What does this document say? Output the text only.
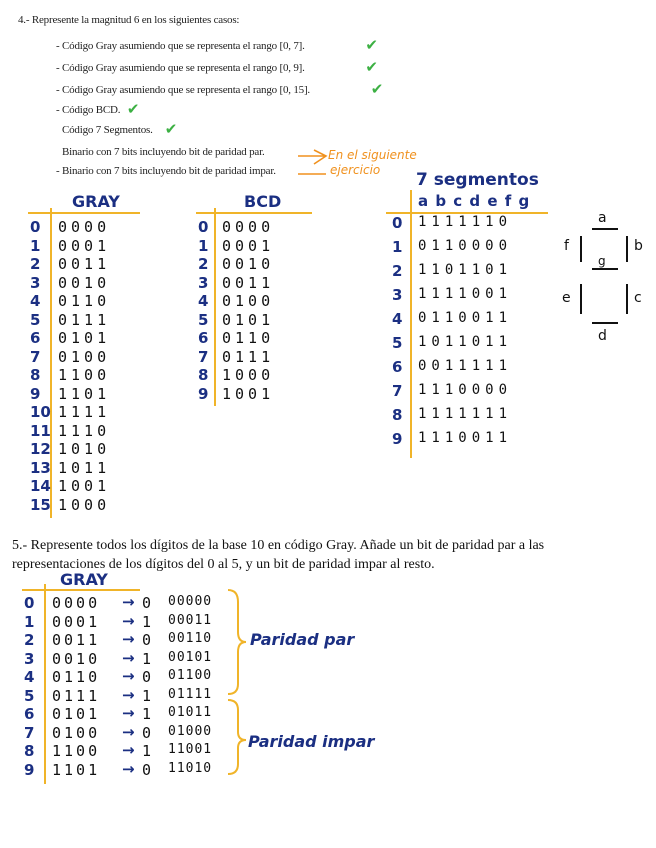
4.- Represente la magnitud 6 en los siguientes casos:
- Código Gray asumiendo que se representa el rango [0, 7].	✔
- Código Gray asumiendo que se representa el rango [0, 9].	✔
- Código Gray asumiendo que se representa el rango [0, 15].	✔
- Código BCD. ✔
Código 7 Segmentos. ✔
Binario con 7 bits incluyendo bit de paridad par.
- Binario con 7 bits incluyendo bit de paridad impar.
En el siguiente
ejercicio
GRAY
0 0000
1 0001
2 0011
3 0010
4 0110
5 0111
6 0101
7 0100
8 1100
9 1101
10 1111
11 1110
12 1010
13 1011
14 1001
15 1000
BCD
0 0000
1 0001
2 0010
3 0011
4 0100
5 0101
6 0110
7 0111
8 1000
9 1001
7 segmentos
a b c d e f g
0 1111110
1 0110000
2 1101101
3 1111001
4 0110011
5 1011011
6 0011111
7 1110000
8 1111111
9 1110011
a
b
c
d
e
f
g
5.- Represente todos los dígitos de la base 10 en código Gray. Añade un bit de paridad par a las representaciones de los dígitos del 0 al 5, y un bit de paridad impar al resto.
GRAY
0 0000 → 0 00000
1 0001 → 1 00011
2 0011 → 0 00110
3 0010 → 1 00101
4 0110 → 0 01100
5 0111 → 1 01111
6 0101 → 1 01011
7 0100 → 0 01000
8 1100 → 1 11001
9 1101 → 0 11010
Paridad par
Paridad impar
